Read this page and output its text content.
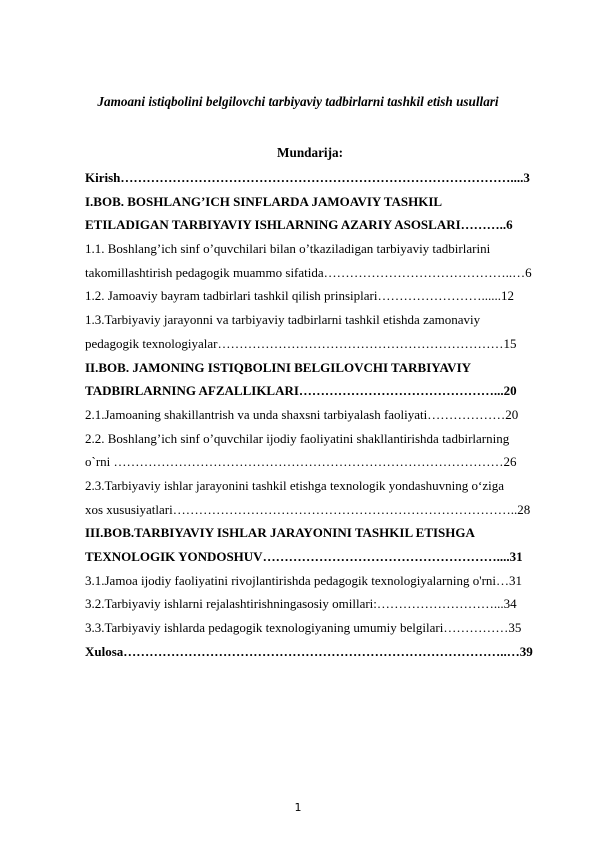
Jamoani istiqbolini belgilovchi tarbiyaviy tadbirlarni tashkil etish usullari
Mundarija:
Kirish………………………………………………………………………………....3
I.BOB. BOSHLANG’ICH SINFLARDA JAMOAVIY TASHKIL
ETILADIGAN TARBIYAVIY ISHLARNING AZARIY ASOSLARI………..6
1.1. Boshlang’ich sinf o’quvchilari bilan o’tkaziladigan tarbiyaviy tadbirlarini
takomillashtirish pedagogik muammo sifatida……………………………………..…6
1.2. Jamoaviy bayram tadbirlari tashkil qilish prinsiplari……………………......12
1.3.Tarbiyaviy jarayonni va tarbiyaviy tadbirlarni tashkil etishda zamonaviy
pedagogik texnologiyalar…………………………………………………………15
II.BOB. JAMONING ISTIQBOLINI BELGILOVCHI TARBIYAVIY
TADBIRLARNING AFZALLIKLARI………………………………………...20
2.1.Jamoaning shakillantrish va unda shaxsni tarbiyalash faoliyati………………20
2.2. Boshlang’ich sinf o’quvchilar ijodiy faoliyatini shakllantirishda tadbirlarning
o`rni ………………………………………………………………………………26
2.3.Tarbiyaviy ishlar jarayonini tashkil etishga texnologik yondashuvning o‘ziga
xos xususiyatlari……………………………………………………………………..28
III.BOB.TARBIYAVIY ISHLAR JARAYONINI TASHKIL ETISHGA
TEXNOLOGIK YONDOSHUV………………………………………………....31
3.1.Jamoa ijodiy faoliyatini rivojlantirishda pedagogik texnologiyalarning o'rni…31
3.2.Tarbiyaviy ishlarni rejalashtirishningasosiy omillari:………………………...34
3.3.Tarbiyaviy ishlarda pedagogik texnologiyaning umumiy belgilari……………35
Xulosa……………………………………………………………………………..…39
1
